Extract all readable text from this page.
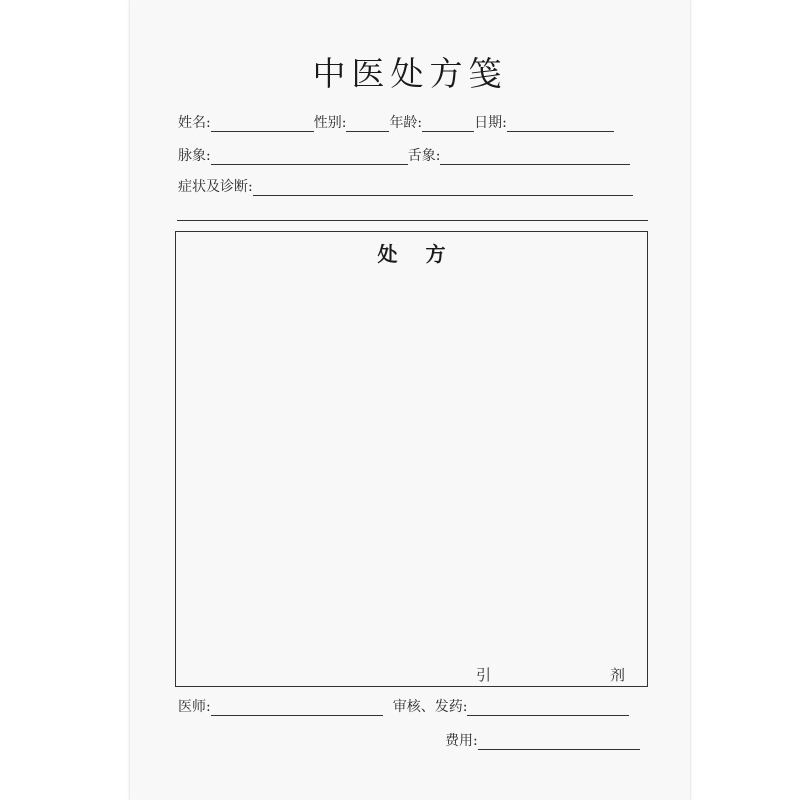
中医处方笺
姓名:	性别:	年龄:	日期:
脉象:	舌象:
症状及诊断:
处方
引	剂
医师:	审核、发药:
费用:
